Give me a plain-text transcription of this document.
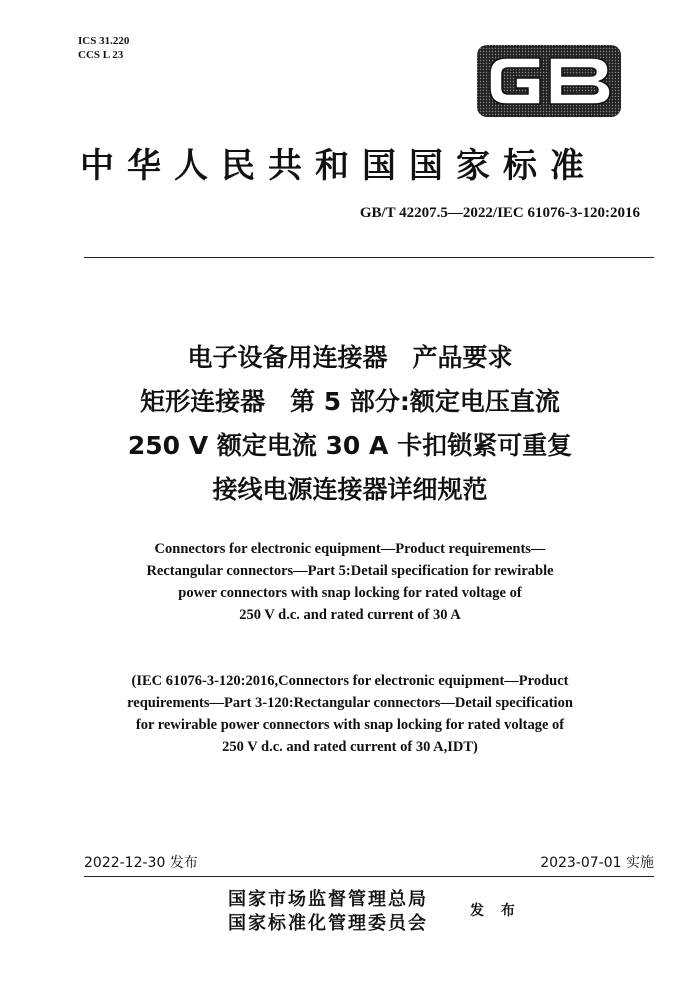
ICS 31.220
CCS L 23
中华人民共和国国家标准
GB/T 42207.5—2022/IEC 61076-3-120:2016
电子设备用连接器　产品要求
矩形连接器　第 5 部分:额定电压直流
250 V 额定电流 30 A 卡扣锁紧可重复
接线电源连接器详细规范
Connectors for electronic equipment—Product requirements—
Rectangular connectors—Part 5:Detail specification for rewirable
power connectors with snap locking for rated voltage of
250 V d.c. and rated current of 30 A
(IEC 61076-3-120:2016,Connectors for electronic equipment—Product
requirements—Part 3-120:Rectangular connectors—Detail specification
for rewirable power connectors with snap locking for rated voltage of
250 V d.c. and rated current of 30 A,IDT)
2022-12-30 发布	2023-07-01 实施
国家市场监督管理总局
国家标准化管理委员会
发 布
